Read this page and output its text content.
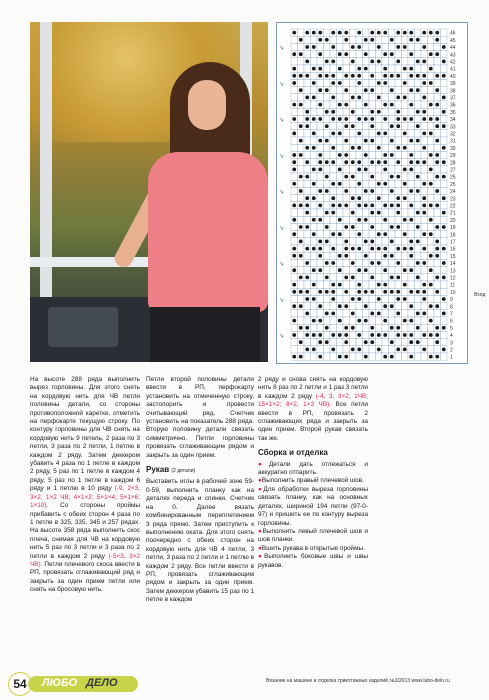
46
45
44
↘
43
42
41
40
39
↘
38
37
36
35
34
↘
33
32
31
30
29
↘
28
27
26
25
24
↘
23
22
21
20
19
↘
18
17
16
15
14
↘
13
12
11
10
9
↘
8
7
6
5
4
↘
3
2
1
Вход

На высоте 288 ряда выполнить вырез горловины. Для этого снять на кордовую нить для ЧВ петли половины детали, со стороны противоположной каретке, отметить на перфокарте текущую строку. По контуру горловины для ЧВ снять на кордовую нить 9 петель, 2 раза по 3 петли, 3 раза по 2 петли, 1 петлю в каждом 2 ряду. Затем деккером убавить 4 раза по 1 петле в каждом 2 ряду, 5 раз по 1 петле в каждом 4 ряду, 5 раз по 1 петле в каждом 6 ряду и 1 петлю в 10 ряду (-9, 2×3, 3×2, 1×2 ЧВ; 4×1×2; 5×1×4; 5×1×6; 1×10). Со стороны проймы прибавить с обеих сторон 4 раза по 1 петле в 325, 335, 345 и 257 рядах. На высоте 358 ряда выполнить скос плеча, снимая для ЧВ на кордовую нить 5 раз по 3 петли и 3 раза по 2 петли в каждом 2 ряду (-5×3, 3×2 ЧВ). Петли плечевого скоса ввести в РП, провязать сглаживающий ряд и закрыть за один прием петли или снять на бросовую нить.

Петли второй половины детали ввести в РП, перфокарту установить на отмеченную строку, застопорить и провести считывающий ряд. Счетчик установить на показатель 288 ряда. Вторую половину детали связать симметрично. Петли горловины провязать сглаживающим рядом и закрыть за один прием.

Рукав (2 детали)

Выставить иглы в рабочей зоне 59-0-59, выполнить планку как на деталях переда и спинки. Счетчик на 0. Далее вязать комбинированным переплетением 3 ряда прямо. Затем приступить к выполнению оката. Для этого снять поочередно с обеих сторон на кордовую нить для ЧВ 4 петли, 3 петли, 3 раза по 2 петли и 1 петлю в каждом 2 ряду. Все петли ввести в РП, провязать сглаживающим рядом и закрыть за один прием. Затем деккером убавить 15 раз по 1 петле в каждом

2 ряду и снова снять на кордовую нить 8 раз по 2 петли и 1 раз 3 петли в каждом 2 ряду (-4, 3, 3×2, 1ЧВ; 15×1×2; 8×2, 1×3 ЧВ). Все петли ввести в РП, провязать 2 сглаживающих ряда и закрыть за один прием. Второй рукав связать так же.

Сборка и отделка

● Детали дать отлежаться и аккуратно отпарить.

● Выполнить правый плечевой шов.

● Для обработки выреза горловины связать планку, как на основных деталях, шириной 194 петли (97-0-97) и пришить ее по контуру выреза горловины.

● Выполнить левый плечевой шов и шов планки.

● Вшить рукава в открытые проймы.

● Выполнить боковые швы и швы рукавов.

54	ЛЮБО ДЕЛО	Вязание на машине и отделка трикотажных изделий №3/2013 www.lubo-delo.ru
